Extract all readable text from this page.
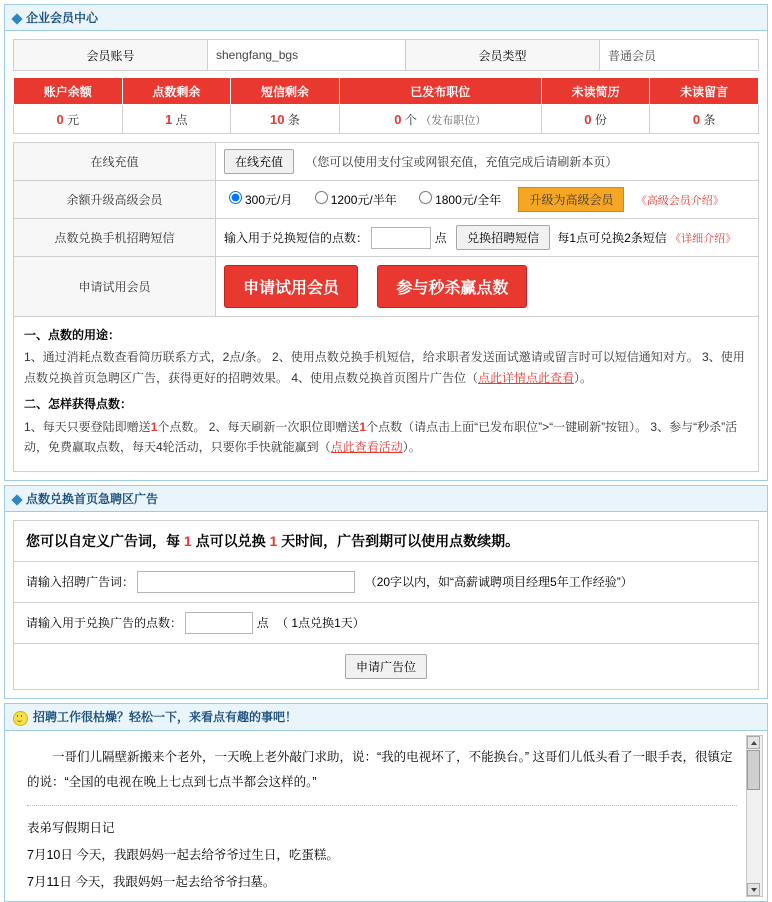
企业会员中心
会员账号	shengfang_bgs	会员类型	普通会员
账户余额	点数剩余	短信剩余	已发布职位	未读简历	未读留言
0 元	1 点	10 条	0 个 （发布职位）	0 份	0 条
在线充值	在线充值 （您可以使用支付宝或网银充值，充值完成后请刷新本页）
余额升级高级会员	300元/月 1200元/半年 1800元/全年 升级为高级会员 《高级会员介绍》
点数兑换手机招聘短信	输入用于兑换短信的点数： 点 兑换招聘短信 每1点可兑换2条短信 《详细介绍》
申请试用会员	申请试用会员 参与秒杀赢点数
一、点数的用途：

1、通过消耗点数查看简历联系方式，2点/条。 2、使用点数兑换手机短信，给求职者发送面试邀请或留言时可以短信通知对方。 3、使用点数兑换首页急聘区广告，获得更好的招聘效果。 4、使用点数兑换首页图片广告位（点此详情点此查看）。

二、怎样获得点数：

1、每天只要登陆即赠送1个点数。 2、每天刷新一次职位即赠送1个点数（请点击上面“已发布职位”>“一键刷新”按钮）。 3、参与“秒杀”活动，免费赢取点数，每天4轮活动，只要你手快就能赢到（点此查看活动）。

点数兑换首页急聘区广告
您可以自定义广告词，每 1 点可以兑换 1 天时间，广告到期可以使用点数续期。
请输入招聘广告词：	（20字以内，如“高薪诚聘项目经理5年工作经验”）
请输入用于兑换广告的点数：	点 （ 1点兑换1天）
申请广告位
招聘工作很枯燥？轻松一下，来看点有趣的事吧！

一哥们儿隔壁新搬来个老外，一天晚上老外敲门求助，说：“我的电视坏了，不能换台。” 这哥们儿低头看了一眼手表，很镇定的说：“全国的电视在晚上七点到七点半都会这样的。”

表弟写假期日记

7月10日 今天，我跟妈妈一起去给爷爷过生日，吃蛋糕。

7月11日 今天，我跟妈妈一起去给爷爷扫墓。
